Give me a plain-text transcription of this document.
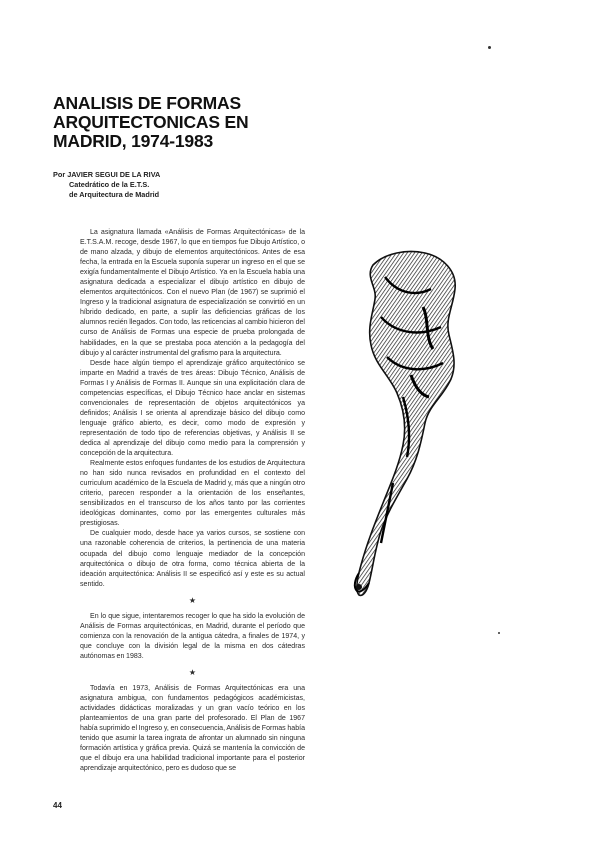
ANALISIS DE FORMAS
ARQUITECTONICAS EN
MADRID, 1974-1983
Por JAVIER SEGUI DE LA RIVA
Catedrático de la E.T.S.
de Arquitectura de Madrid

La asignatura llamada «Análisis de Formas Arquitectónicas» de la E.T.S.A.M. recoge, desde 1967, lo que en tiempos fue Dibujo Artístico, o de mano alzada, y dibujo de elementos arquitectónicos. Antes de esa fecha, la entrada en la Escuela suponía superar un ingreso en el que se exigía fundamentalmente el Dibujo Artístico. Ya en la Escuela había una asignatura dedicada a especializar el dibujo artístico en dibujo de elementos arquitectónicos. Con el nuevo Plan (de 1967) se suprimió el Ingreso y la tradicional asignatura de especialización se convirtió en un híbrido dedicado, en parte, a suplir las deficiencias gráficas de los alumnos recién llegados. Con todo, las reticencias al cambio hicieron del curso de Análisis de Formas una especie de prueba prolongada de habilidades, en la que se prestaba poca atención a la pedagogía del dibujo y al carácter instrumental del grafismo para la arquitectura.

Desde hace algún tiempo el aprendizaje gráfico arquitectónico se imparte en Madrid a través de tres áreas: Dibujo Técnico, Análisis de Formas I y Análisis de Formas II. Aunque sin una explicitación clara de competencias específicas, el Dibujo Técnico hace anclar en sistemas convencionales de representación de objetos arquitectónicos ya definidos; Análisis I se orienta al aprendizaje básico del dibujo como lenguaje gráfico abierto, es decir, como modo de expresión y representación de todo tipo de referencias objetivas, y Análisis II se dedica al aprendizaje del dibujo como medio para la comprensión y concepción de la arquitectura.

Realmente estos enfoques fundantes de los estudios de Arquitectura no han sido nunca revisados en profundidad en el contexto del curriculum académico de la Escuela de Madrid y, más que a ningún otro criterio, parecen responder a la orientación de los enseñantes, sensibilizados en el transcurso de los años tanto por las corrientes ideológicas dominantes, como por las emergentes culturales más prestigiosas.

De cualquier modo, desde hace ya varios cursos, se sostiene con una razonable coherencia de criterios, la pertinencia de una materia ocupada del dibujo como lenguaje mediador de la concepción arquitectónica o dibujo de otra forma, como técnica abierta de la ideación arquitectónica: Análisis II se especificó así y este es su actual sentido.

★

En lo que sigue, intentaremos recoger lo que ha sido la evolución de Análisis de Formas arquitectónicas, en Madrid, durante el período que comienza con la renovación de la antigua cátedra, a finales de 1974, y que concluye con la división legal de la misma en dos cátedras autónomas en 1983.

★

Todavía en 1973, Análisis de Formas Arquitectónicas era una asignatura ambigua, con fundamentos pedagógicos académicistas, actividades didácticas moralizadas y un gran vacío teórico en los planteamientos de una gran parte del profesorado. El Plan de 1967 había suprimido el Ingreso y, en consecuencia, Análisis de Formas había tenido que asumir la tarea ingrata de afrontar un alumnado sin ninguna formación artística y gráfica previa. Quizá se mantenía la convicción de que el dibujo era una habilidad tradicional importante para el posterior aprendizaje arquitectónico, pero es dudoso que se

44
